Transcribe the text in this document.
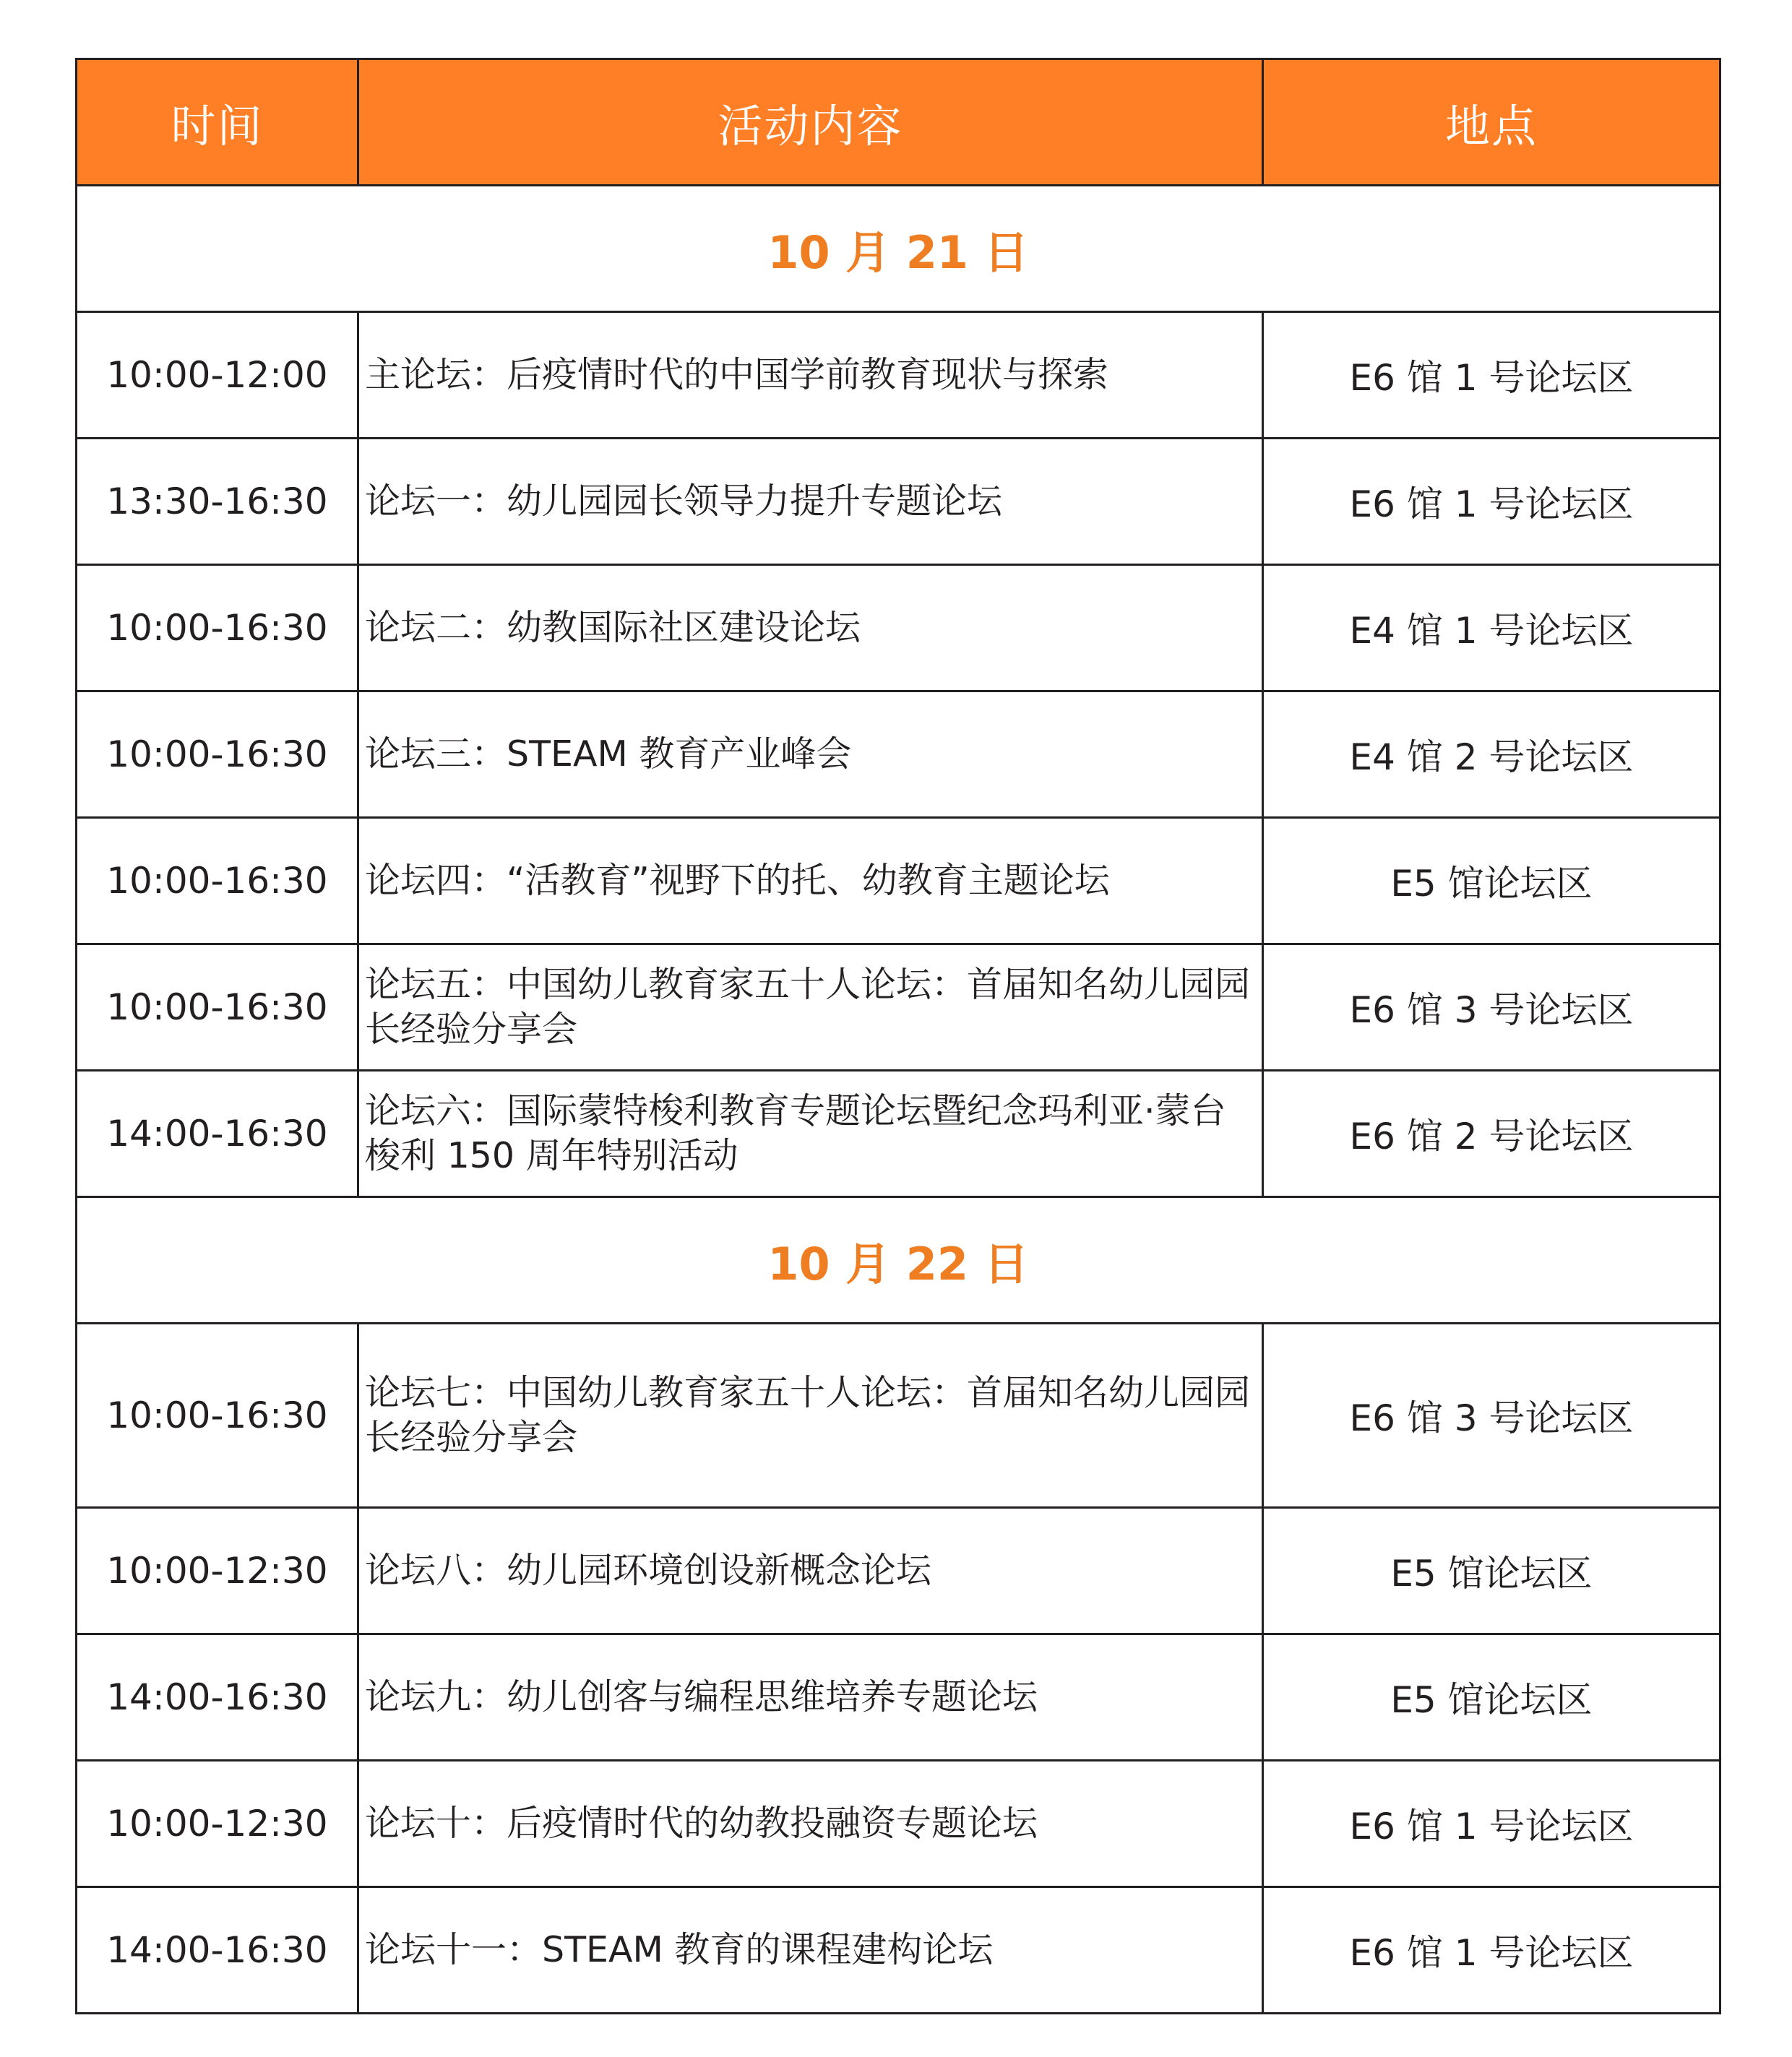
时间	活动内容	地点
10 月 21 日		
10:00-12:00	主论坛：后疫情时代的中国学前教育现状与探索	E6 馆 1 号论坛区
13:30-16:30	论坛一：幼儿园园长领导力提升专题论坛	E6 馆 1 号论坛区
10:00-16:30	论坛二：幼教国际社区建设论坛	E4 馆 1 号论坛区
10:00-16:30	论坛三：STEAM 教育产业峰会	E4 馆 2 号论坛区
10:00-16:30	论坛四：“活教育”视野下的托、幼教育主题论坛	E5 馆论坛区
10:00-16:30	论坛五：中国幼儿教育家五十人论坛：首届知名幼儿园园长经验分享会	E6 馆 3 号论坛区
14:00-16:30	论坛六：国际蒙特梭利教育专题论坛暨纪念玛利亚·蒙台梭利 150 周年特别活动	E6 馆 2 号论坛区
10 月 22 日		
10:00-16:30	论坛七：中国幼儿教育家五十人论坛：首届知名幼儿园园长经验分享会	E6 馆 3 号论坛区
10:00-12:30	论坛八：幼儿园环境创设新概念论坛	E5 馆论坛区
14:00-16:30	论坛九：幼儿创客与编程思维培养专题论坛	E5 馆论坛区
10:00-12:30	论坛十：后疫情时代的幼教投融资专题论坛	E6 馆 1 号论坛区
14:00-16:30	论坛十一：STEAM 教育的课程建构论坛	E6 馆 1 号论坛区
